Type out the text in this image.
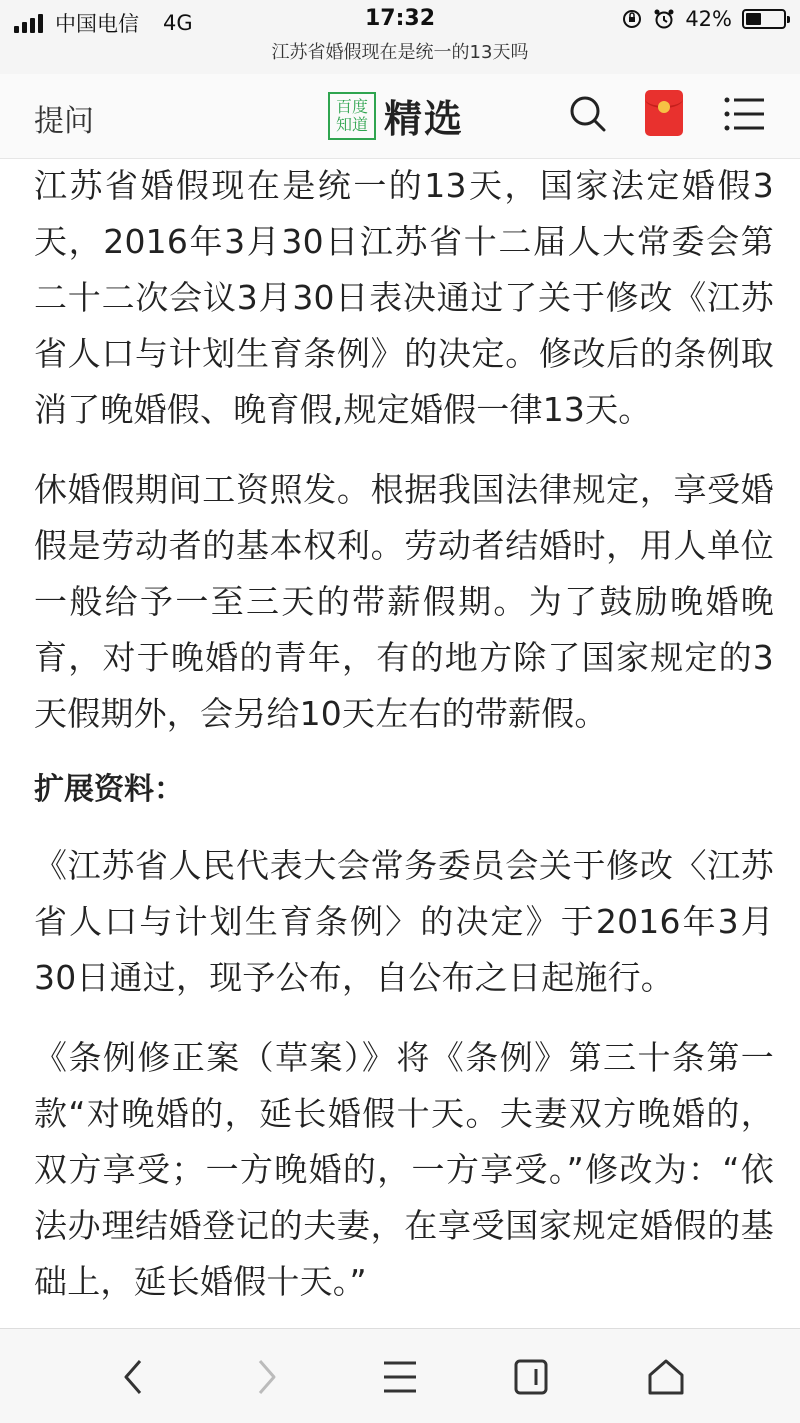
中国电信 4G	17:32	42%
江苏省婚假现在是统一的13天吗
提问	百度
知道 精选

江苏省婚假现在是统一的13天，国家法定婚假3天，2016年3月30日江苏省十二届人大常委会第二十二次会议3月30日表决通过了关于修改《江苏省人口与计划生育条例》的决定。修改后的条例取消了晚婚假、晚育假,规定婚假一律13天。

休婚假期间工资照发。根据我国法律规定，享受婚假是劳动者的基本权利。劳动者结婚时，用人单位一般给予一至三天的带薪假期。为了鼓励晚婚晚育，对于晚婚的青年，有的地方除了国家规定的3天假期外，会另给10天左右的带薪假。

扩展资料：

《江苏省人民代表大会常务委员会关于修改〈江苏省人口与计划生育条例〉的决定》于2016年3月30日通过，现予公布，自公布之日起施行。

《条例修正案（草案）》将《条例》第三十条第一款“对晚婚的，延长婚假十天。夫妻双方晚婚的，双方享受；一方晚婚的，一方享受。”修改为：“依法办理结婚登记的夫妻，在享受国家规定婚假的基础上，延长婚假十天。”
